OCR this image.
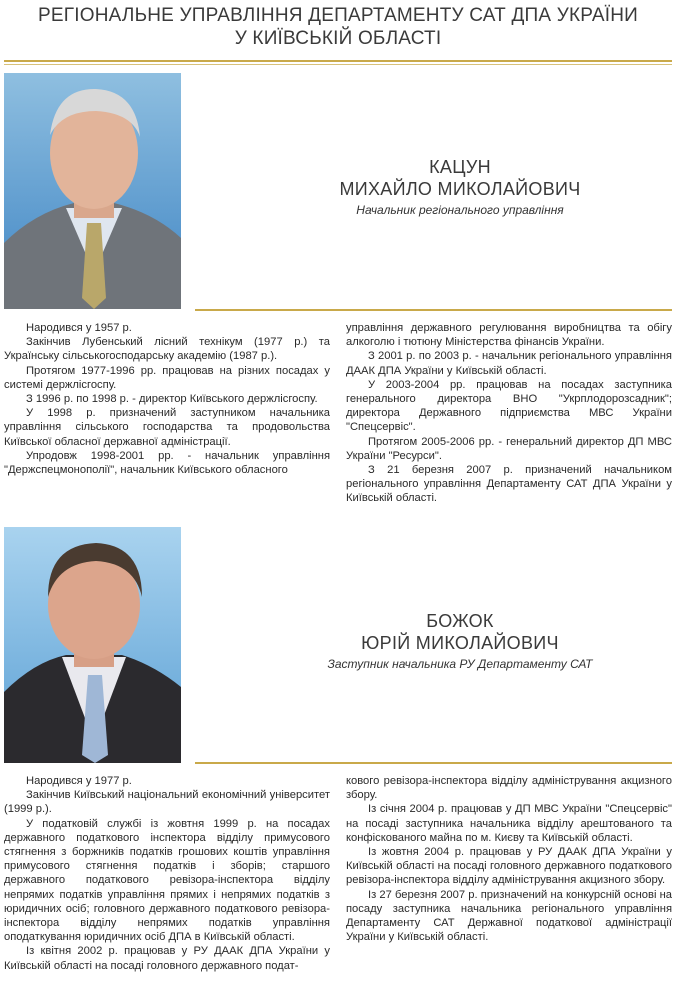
РЕГІОНАЛЬНЕ УПРАВЛІННЯ ДЕПАРТАМЕНТУ САТ ДПА УКРАЇНИ
У КИЇВСЬКІЙ ОБЛАСТІ
КАЦУН
МИХАЙЛО МИКОЛАЙОВИЧ
Начальник регіонального управління

Народився у 1957 р.

Закінчив Лубенський лісний технікум (1977 р.) та Українську сільськогосподарську академію (1987 р.).

Протягом 1977-1996 рр. працював на різних посадах у системі держлісгоспу.

З 1996 р. по 1998 р. - директор Київського держлісгоспу.

У 1998 р. призначений заступником начальника управління сільського господарства та продовольства Київської обласної державної адміністрації.

Упродовж 1998-2001 рр. - начальник управління "Держспецмонополії", начальник Київського обласного

управління державного регулювання виробництва та обігу алкоголю і тютюну Міністерства фінансів України.

З 2001 р. по 2003 р. - начальник регіонального управління ДААК ДПА України у Київській області.

У 2003-2004 рр. працював на посадах заступника генерального директора ВНО "Укрплодорозсадник"; директора Державного підприємства МВС України "Спецсервіс".

Протягом 2005-2006 рр. - генеральний директор ДП МВС України "Ресурси".

З 21 березня 2007 р. призначений начальником регіонального управління Департаменту САТ ДПА України у Київській області.

БОЖОК
ЮРІЙ МИКОЛАЙОВИЧ
Заступник начальника РУ Департаменту САТ

Народився у 1977 р.

Закінчив Київський національний економічний університет (1999 р.).

У податковій службі із жовтня 1999 р. на посадах державного податкового інспектора відділу примусового стягнення з боржників податків грошових коштів управління примусового стягнення податків і зборів; старшого державного податкового ревізора-інспектора відділу непрямих податків управління прямих і непрямих податків з юридичних осіб; головного державного податкового ревізора-інспектора відділу непрямих податків управління оподаткування юридичних осіб ДПА в Київській області.

Із квітня 2002 р. працював у РУ ДААК ДПА України у Київській області на посаді головного державного подат-

кового ревізора-інспектора відділу адміністрування акцизного збору.

Із січня 2004 р. працював у ДП МВС України "Спецсервіс" на посаді заступника начальника відділу арештованого та конфіскованого майна по м. Києву та Київській області.

Із жовтня 2004 р. працював у РУ ДААК ДПА України у Київській області на посаді головного державного податкового ревізора-інспектора відділу адміністрування акцизного збору.

Із 27 березня 2007 р. призначений на конкурсній основі на посаду заступника начальника регіонального управління Департаменту САТ Державної податкової адміністрації України у Київській області.
